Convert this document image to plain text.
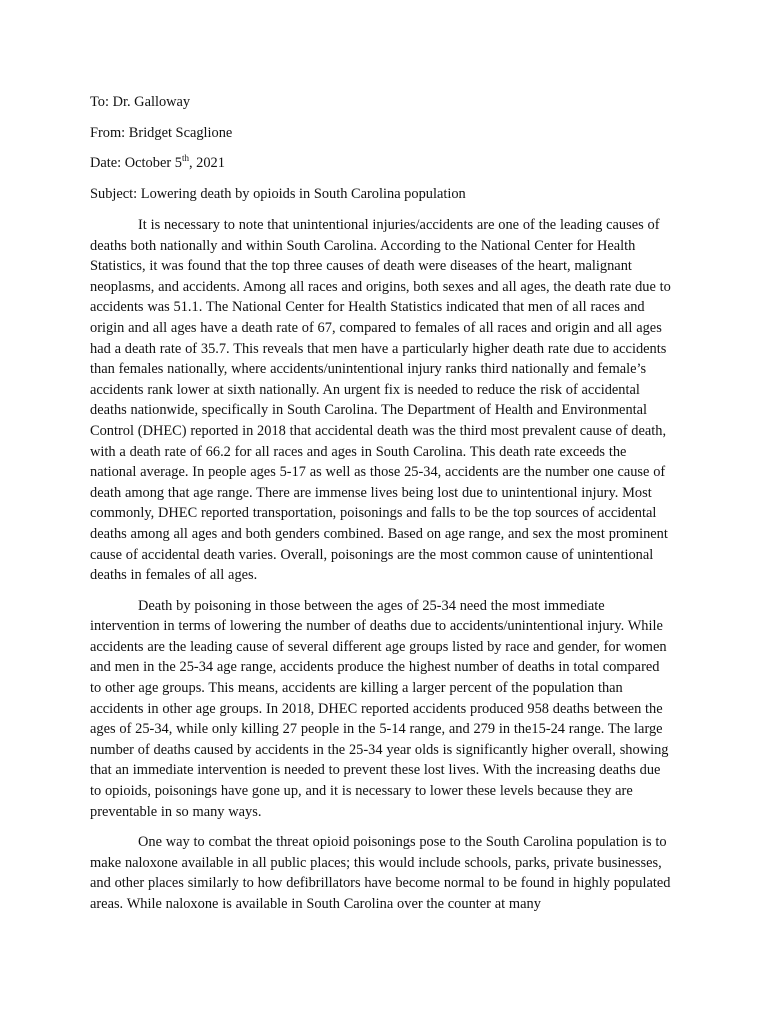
To: Dr. Galloway

From: Bridget Scaglione

Date: October 5th, 2021

Subject: Lowering death by opioids in South Carolina population

It is necessary to note that unintentional injuries/accidents are one of the leading causes of deaths both nationally and within South Carolina. According to the National Center for Health Statistics, it was found that the top three causes of death were diseases of the heart, malignant neoplasms, and accidents. Among all races and origins, both sexes and all ages, the death rate due to accidents was 51.1. The National Center for Health Statistics indicated that men of all races and origin and all ages have a death rate of 67, compared to females of all races and origin and all ages had a death rate of 35.7. This reveals that men have a particularly higher death rate due to accidents than females nationally, where accidents/unintentional injury ranks third nationally and female’s accidents rank lower at sixth nationally. An urgent fix is needed to reduce the risk of accidental deaths nationwide, specifically in South Carolina. The Department of Health and Environmental Control (DHEC) reported in 2018 that accidental death was the third most prevalent cause of death, with a death rate of 66.2 for all races and ages in South Carolina. This death rate exceeds the national average. In people ages 5-17 as well as those 25-34, accidents are the number one cause of death among that age range. There are immense lives being lost due to unintentional injury. Most commonly, DHEC reported transportation, poisonings and falls to be the top sources of accidental deaths among all ages and both genders combined. Based on age range, and sex the most prominent cause of accidental death varies. Overall, poisonings are the most common cause of unintentional deaths in females of all ages.

Death by poisoning in those between the ages of 25-34 need the most immediate intervention in terms of lowering the number of deaths due to accidents/unintentional injury. While accidents are the leading cause of several different age groups listed by race and gender, for women and men in the 25-34 age range, accidents produce the highest number of deaths in total compared to other age groups. This means, accidents are killing a larger percent of the population than accidents in other age groups. In 2018, DHEC reported accidents produced 958 deaths between the ages of 25-34, while only killing 27 people in the 5-14 range, and 279 in the15-24 range. The large number of deaths caused by accidents in the 25-34 year olds is significantly higher overall, showing that an immediate intervention is needed to prevent these lost lives. With the increasing deaths due to opioids, poisonings have gone up, and it is necessary to lower these levels because they are preventable in so many ways.

One way to combat the threat opioid poisonings pose to the South Carolina population is to make naloxone available in all public places; this would include schools, parks, private businesses, and other places similarly to how defibrillators have become normal to be found in highly populated areas. While naloxone is available in South Carolina over the counter at many
